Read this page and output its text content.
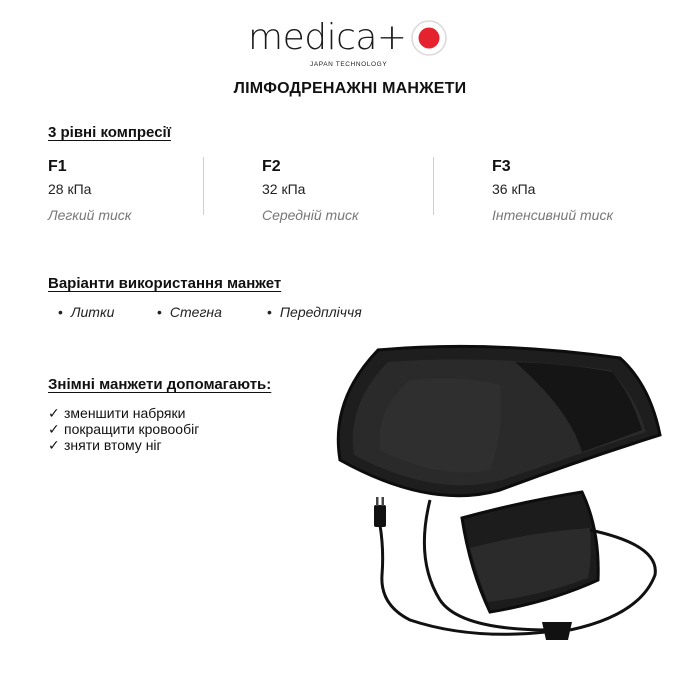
medica+
JAPAN TECHNOLOGY
ЛІМФОДРЕНАЖНІ МАНЖЕТИ
3 рівні компресії
F1
28 кПа
Легкий тиск
F2
32 кПа
Середній тиск
F3
36 кПа
Інтенсивний тиск
Варіанти використання манжет
• Литки	• Стегна	• Передпліччя
Знімні манжети допомагають:
✓ зменшити набряки
✓ покращити кровообіг
✓ зняти втому ніг
